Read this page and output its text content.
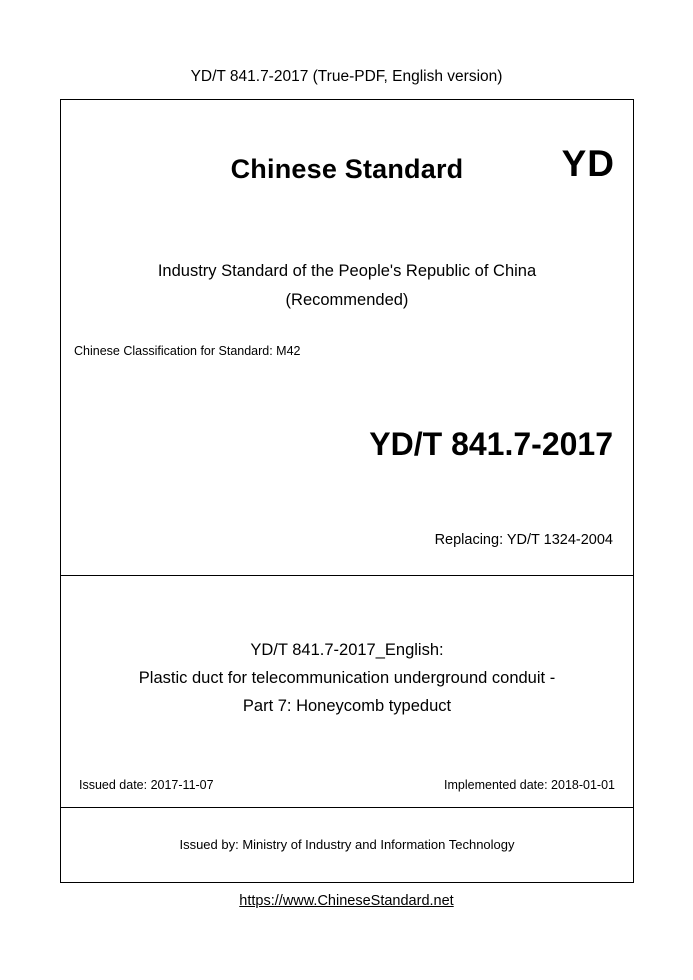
YD/T 841.7-2017 (True-PDF, English version)
Chinese Standard	YD
Industry Standard of the People's Republic of China
(Recommended)
Chinese Classification for Standard: M42
YD/T 841.7-2017
Replacing: YD/T 1324-2004
YD/T 841.7-2017_English:
Plastic duct for telecommunication underground conduit -
Part 7: Honeycomb typeduct
Issued date: 2017-11-07	Implemented date: 2018-01-01
Issued by: Ministry of Industry and Information Technology
https://www.ChineseStandard.net
